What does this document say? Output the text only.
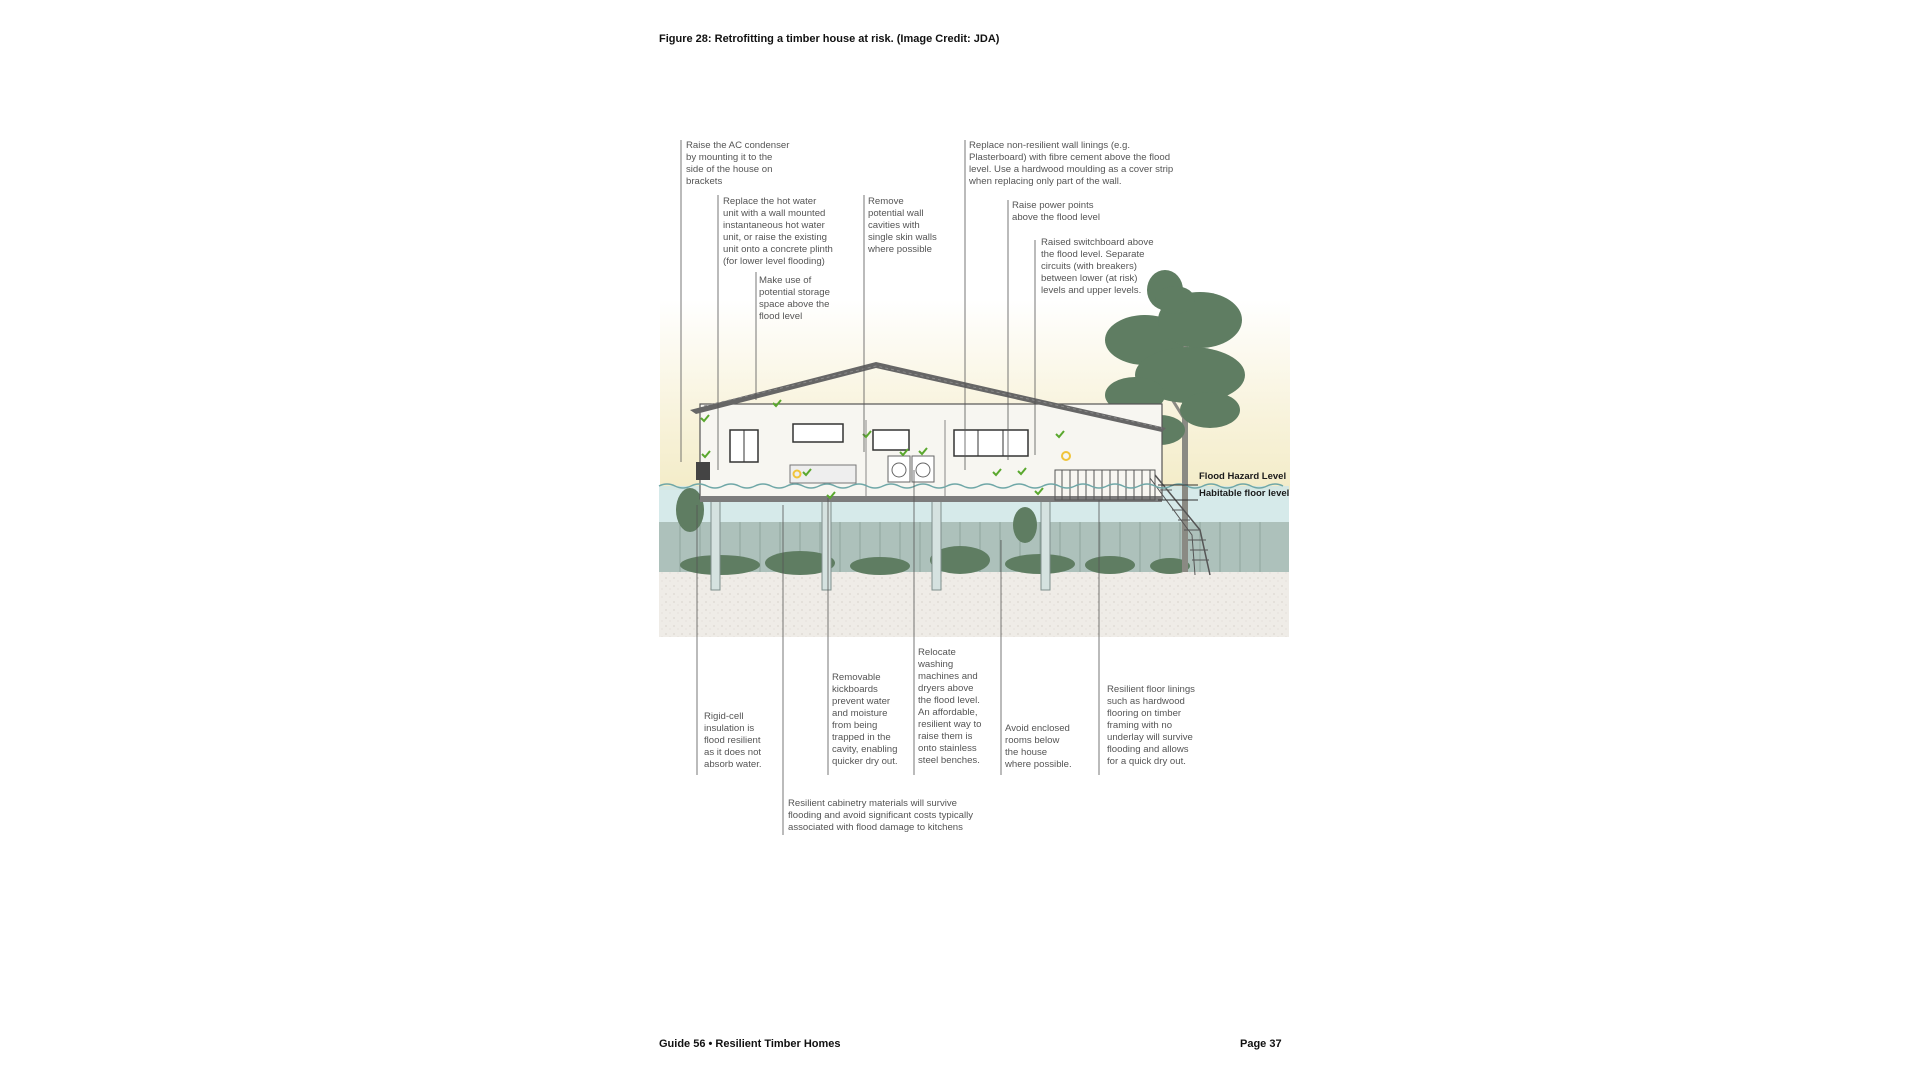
Figure 28: Retrofitting a timber house at risk. (Image Credit: JDA)
Raise the AC condenser
by mounting it to the
side of the house on
brackets
Replace the hot water
unit with a wall mounted
instantaneous hot water
unit, or raise the existing
unit onto a concrete plinth
(for lower level flooding)
Make use of
potential storage
space above the
flood level
Remove
potential wall
cavities with
single skin walls
where possible
Replace non-resilient wall linings (e.g.
Plasterboard) with fibre cement above the flood
level. Use a hardwood moulding as a cover strip
when replacing only part of the wall.
Raise power points
above the flood level
Raised switchboard above
the flood level. Separate
circuits (with breakers)
between lower (at risk)
levels and upper levels.
Flood Hazard Level
Habitable floor level
Rigid-cell
insulation is
flood resilient
as it does not
absorb water.
Removable
kickboards
prevent water
and moisture
from being
trapped in the
cavity, enabling
quicker dry out.
Relocate
washing
machines and
dryers above
the flood level.
An affordable,
resilient way to
raise them is
onto stainless
steel benches.
Avoid enclosed
rooms below
the house
where possible.
Resilient floor linings
such as hardwood
flooring on timber
framing with no
underlay will survive
flooding and allows
for a quick dry out.
Resilient cabinetry materials will survive
flooding and avoid significant costs typically
associated with flood damage to kitchens
Guide 56 • Resilient Timber Homes	Page 37
